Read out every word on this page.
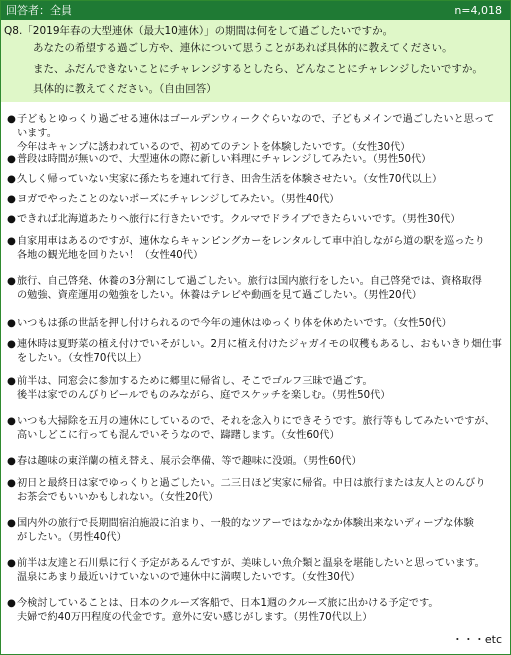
回答者：全員	n=4,018
Q8.「2019年春の大型連休（最大10連休）」の期間は何をして過ごしたいですか。
あなたの希望する過ごし方や、連休について思うことがあれば具体的に教えてください。
また、ふだんできないことにチャレンジするとしたら、どんなことにチャレンジしたいですか。
具体的に教えてください。（自由回答）
● 子どもとゆっくり過ごせる連休はゴールデンウィークぐらいなので、子どもメインで過ごしたいと思っています。
今年はキャンプに誘われているので、初めてのテントを体験したいです。（女性30代）
● 普段は時間が無いので、大型連休の際に新しい料理にチャレンジしてみたい。（男性50代）
● 久しく帰っていない実家に孫たちを連れて行き、田舎生活を体験させたい。（女性70代以上）
● ヨガでやったことのないポーズにチャレンジしてみたい。（男性40代）
● できれば北海道あたりへ旅行に行きたいです。クルマでドライブできたらいいです。（男性30代）
● 自家用車はあるのですが、連休ならキャンピングカーをレンタルして車中泊しながら道の駅を巡ったり
各地の観光地を回りたい！（女性40代）
● 旅行、自己啓発、休養の3分割にして過ごしたい。旅行は国内旅行をしたい。自己啓発では、資格取得
の勉強、資産運用の勉強をしたい。休養はテレビや動画を見て過ごしたい。（男性20代）
● いつもは孫の世話を押し付けられるので今年の連休はゆっくり体を休めたいです。（女性50代）
● 連休時は夏野菜の植え付けでいそがしい。2月に植え付けたジャガイモの収穫もあるし、おもいきり畑仕事
をしたい。（女性70代以上）
● 前半は、同窓会に参加するために郷里に帰省し、そこでゴルフ三昧で過ごす。
後半は家でのんびりビールでものみながら、庭でスケッチを楽しむ。（男性50代）
● いつも大掃除を五月の連休にしているので、それを念入りにできそうです。旅行等もしてみたいですが、
高いしどこに行っても混んでいそうなので、躊躇します。（女性60代）
● 春は趣味の東洋蘭の植え替え、展示会準備、等で趣味に没頭。（男性60代）
● 初日と最終日は家でゆっくりと過ごしたい。二三日ほど実家に帰省。中日は旅行または友人とのんびり
お茶会でもいいかもしれない。（女性20代）
● 国内外の旅行で長期間宿泊施設に泊まり、一般的なツアーではなかなか体験出来ないディープな体験
がしたい。（男性40代）
● 前半は友達と石川県に行く予定があるんですが、美味しい魚介類と温泉を堪能したいと思っています。
温泉にあまり最近いけていないので連休中に満喫したいです。（女性30代）
● 今検討していることは、日本のクルーズ客船で、日本1週のクルーズ旅に出かける予定です。
夫婦で約40万円程度の代金です。意外に安い感じがします。（男性70代以上）
・・・etc
